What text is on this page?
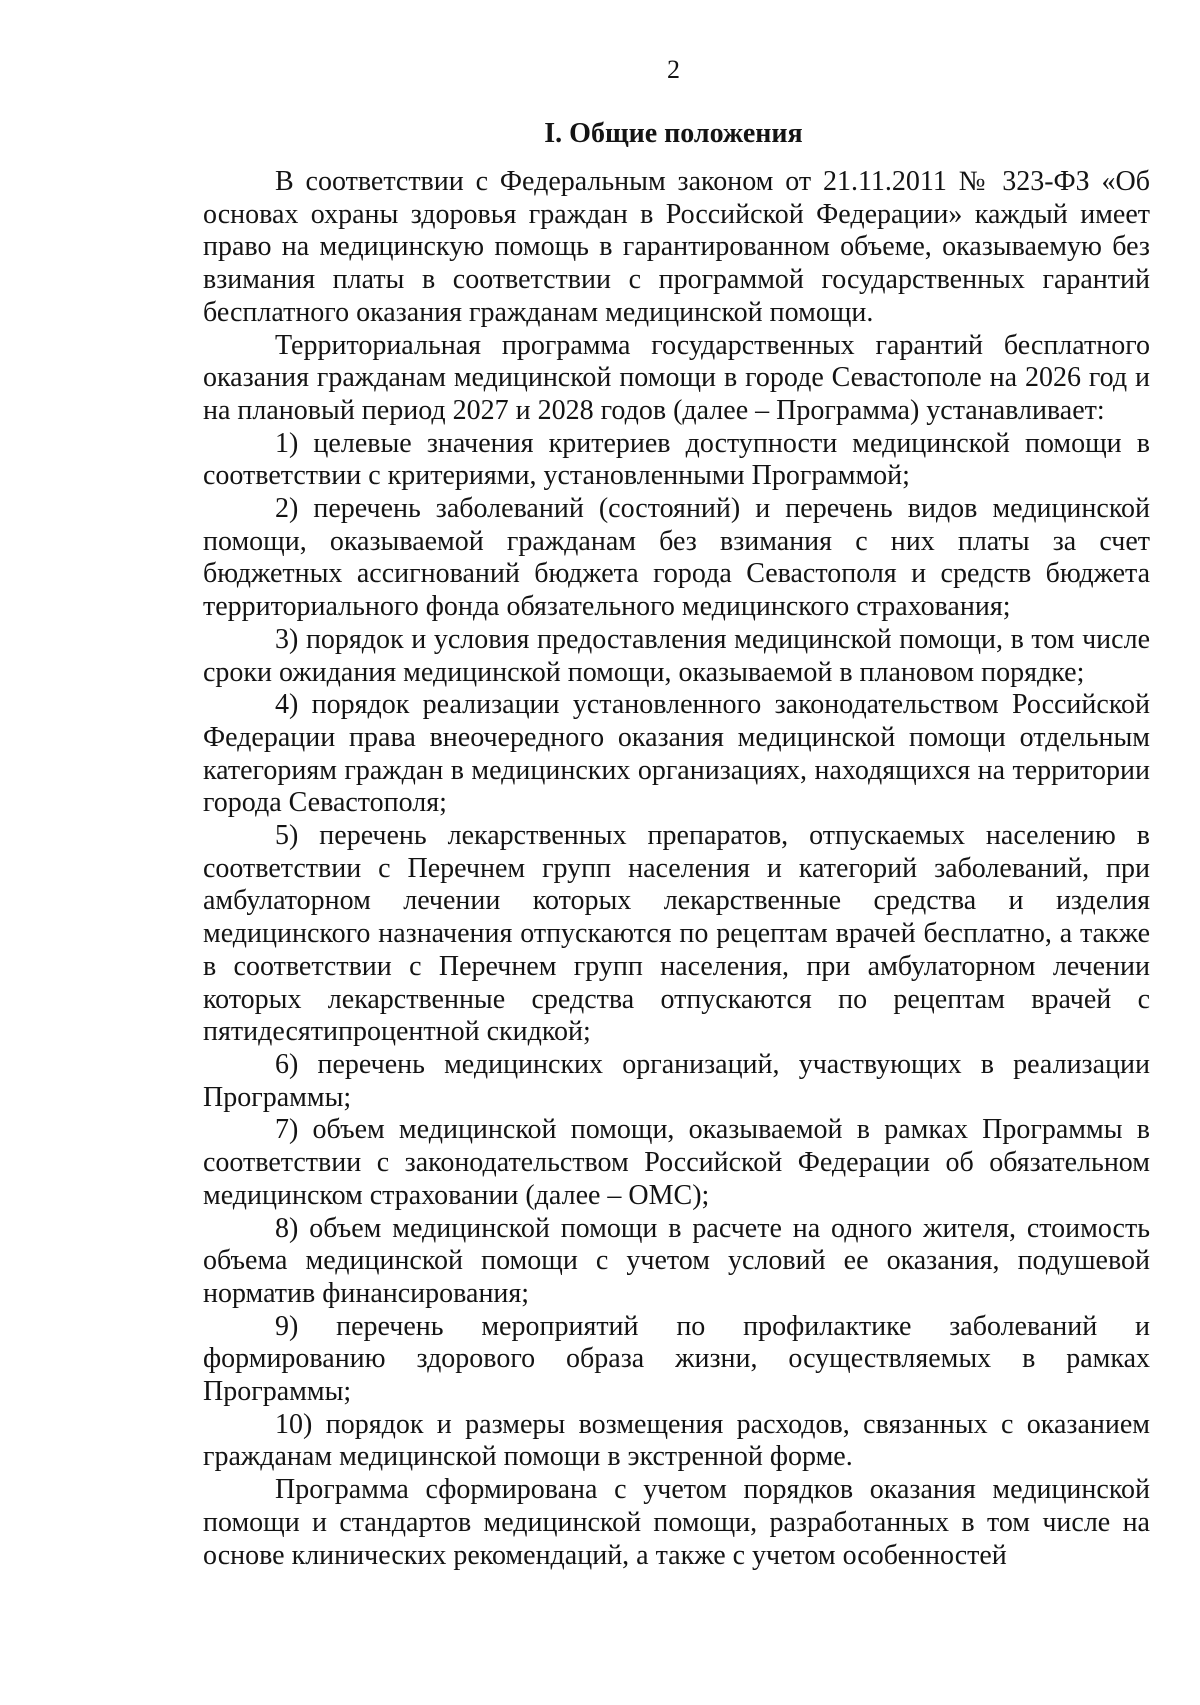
2
I. Общие положения

В соответствии с Федеральным законом от 21.11.2011 № 323-ФЗ «Об основах охраны здоровья граждан в Российской Федерации» каждый имеет право на медицинскую помощь в гарантированном объеме, оказываемую без взимания платы в соответствии с программой государственных гарантий бесплатного оказания гражданам медицинской помощи.

Территориальная программа государственных гарантий бесплатного оказания гражданам медицинской помощи в городе Севастополе на 2026 год и на плановый период 2027 и 2028 годов (далее – Программа) устанавливает:

1) целевые значения критериев доступности медицинской помощи в соответствии с критериями, установленными Программой;

2) перечень заболеваний (состояний) и перечень видов медицинской помощи, оказываемой гражданам без взимания с них платы за счет бюджетных ассигнований бюджета города Севастополя и средств бюджета территориального фонда обязательного медицинского страхования;

3) порядок и условия предоставления медицинской помощи, в том числе сроки ожидания медицинской помощи, оказываемой в плановом порядке;

4) порядок реализации установленного законодательством Российской Федерации права внеочередного оказания медицинской помощи отдельным категориям граждан в медицинских организациях, находящихся на территории города Севастополя;

5) перечень лекарственных препаратов, отпускаемых населению в соответствии с Перечнем групп населения и категорий заболеваний, при амбулаторном лечении которых лекарственные средства и изделия медицинского назначения отпускаются по рецептам врачей бесплатно, а также в соответствии с Перечнем групп населения, при амбулаторном лечении которых лекарственные средства отпускаются по рецептам врачей с пятидесятипроцентной скидкой;

6) перечень медицинских организаций, участвующих в реализации Программы;

7) объем медицинской помощи, оказываемой в рамках Программы в соответствии с законодательством Российской Федерации об обязательном медицинском страховании (далее – ОМС);

8) объем медицинской помощи в расчете на одного жителя, стоимость объема медицинской помощи с учетом условий ее оказания, подушевой норматив финансирования;

9) перечень мероприятий по профилактике заболеваний и формированию здорового образа жизни, осуществляемых в рамках Программы;

10) порядок и размеры возмещения расходов, связанных с оказанием гражданам медицинской помощи в экстренной форме.

Программа сформирована с учетом порядков оказания медицинской помощи и стандартов медицинской помощи, разработанных в том числе на основе клинических рекомендаций, а также с учетом особенностей
